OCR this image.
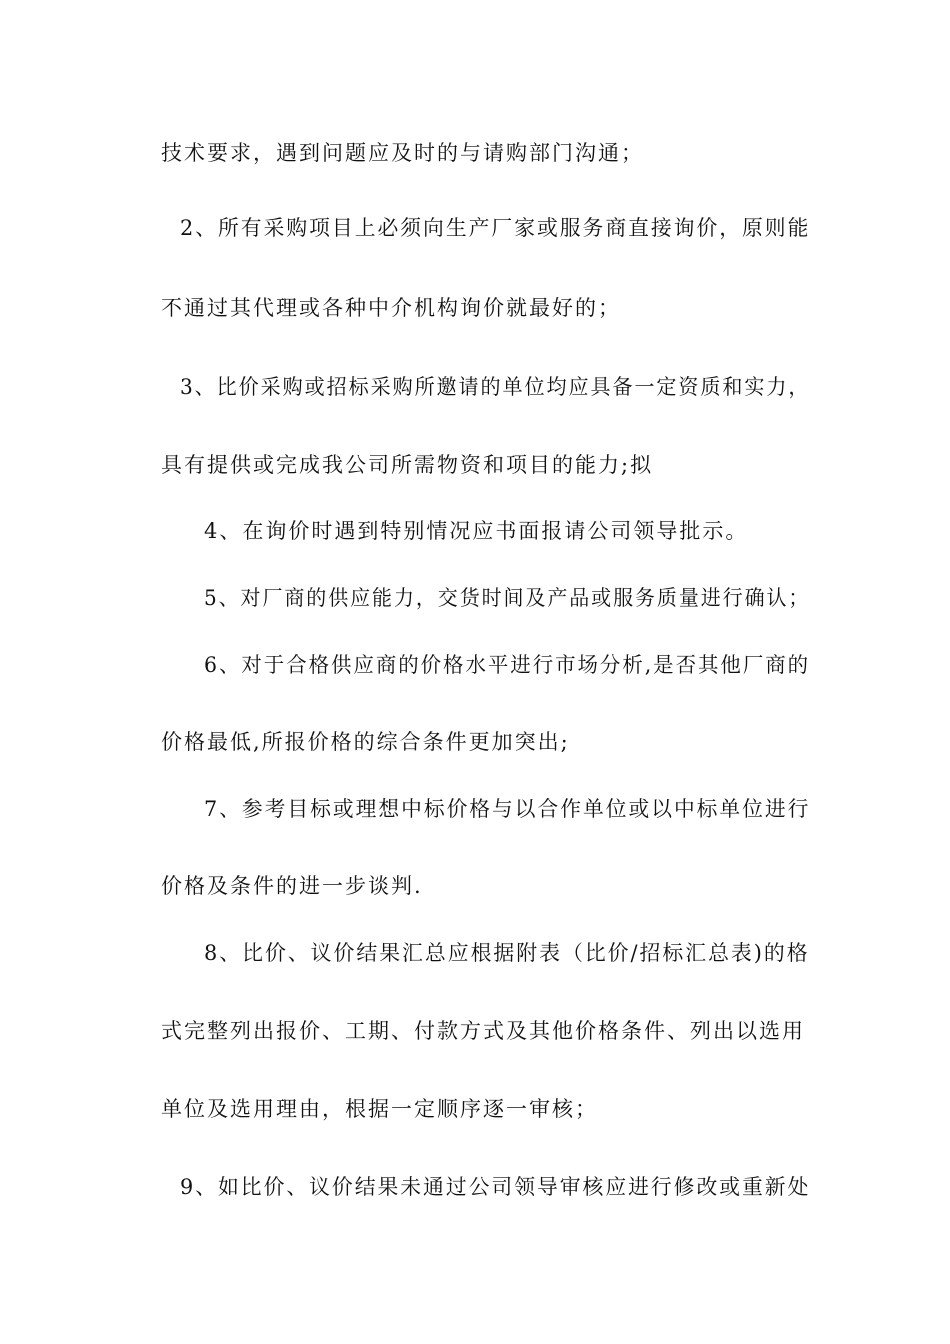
技术要求，遇到问题应及时的与请购部门沟通；
2、所有采购项目上必须向生产厂家或服务商直接询价，原则能
不通过其代理或各种中介机构询价就最好的；
3、比价采购或招标采购所邀请的单位均应具备一定资质和实力，
具有提供或完成我公司所需物资和项目的能力;拟
4、在询价时遇到特别情况应书面报请公司领导批示。
5、对厂商的供应能力，交货时间及产品或服务质量进行确认；
6、对于合格供应商的价格水平进行市场分析,是否其他厂商的
价格最低,所报价格的综合条件更加突出;
7、参考目标或理想中标价格与以合作单位或以中标单位进行
价格及条件的进一步谈判.
8、比价、议价结果汇总应根据附表（比价/招标汇总表)的格
式完整列出报价、工期、付款方式及其他价格条件、列出以选用
单位及选用理由，根据一定顺序逐一审核；
9、如比价、议价结果未通过公司领导审核应进行修改或重新处
